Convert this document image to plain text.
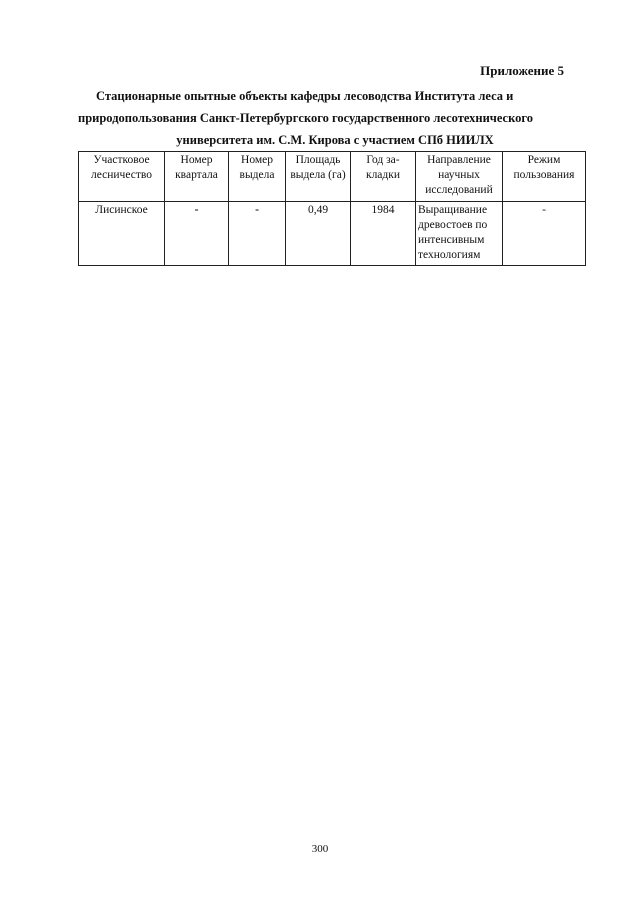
Приложение 5
Стационарные опытные объекты кафедры лесоводства Института леса и
природопользования Санкт-Петербургского государственного лесотехнического
университета им. С.М. Кирова с участием СПб НИИЛХ
Участковое лесничество	Номер квартала	Номер выдела	Площадь выдела (га)	Год за-кладки	Направление научных исследований	Режим пользования
Лисинское	-	-	0,49	1984	Выращивание древостоев по интенсивным технологиям	-
300
